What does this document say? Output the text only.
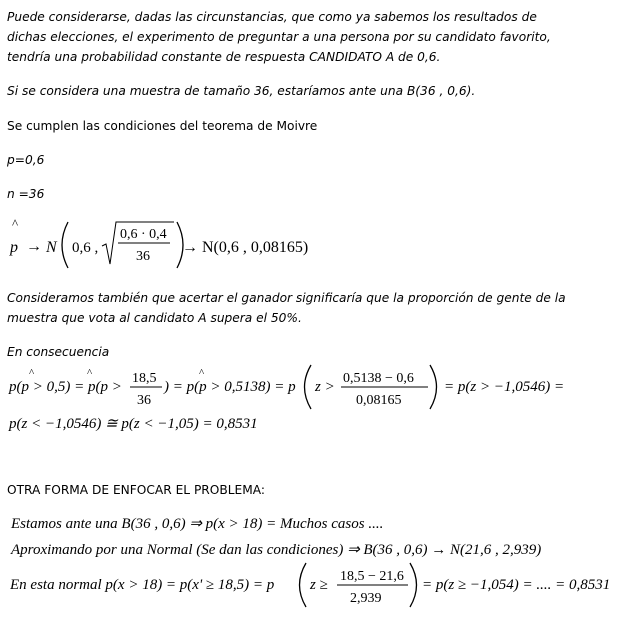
Puede considerarse, dadas las circunstancias, que como ya sabemos los resultados de
dichas elecciones, el experimento de preguntar a una persona por su candidato favorito,
tendría una probabilidad constante de respuesta CANDIDATO A de 0,6.
Si se considera una muestra de tamaño 36, estaríamos ante una B(36 , 0,6).
Se cumplen las condiciones del teorema de Moivre
p=0,6
n =36
^
p → N 0,6 ,
0,6 · 0,4
36
→ N(0,6 , 0,08165)
Consideramos también que acertar el ganador significaría que la proporción de gente de la
muestra que vota al candidato A supera el 50%.
En consecuencia
p(p > 0,5) = p(p >
^	^	18,5
36
) = p(p > 0,5138) = p
^
z >
0,5138 − 0,6
0,08165
= p(z > −1,0546) =
p(z < −1,0546) ≅ p(z < −1,05) = 0,8531
OTRA FORMA DE ENFOCAR EL PROBLEMA:
Estamos ante una B(36 , 0,6) ⇒ p(x > 18) = Muchos casos ....
Aproximando por una Normal (Se dan las condiciones) ⇒ B(36 , 0,6) → N(21,6 , 2,939)
En esta normal p(x > 18) = p(x' ≥ 18,5) = p z ≥
18,5 − 21,6
2,939
= p(z ≥ −1,054) = .... = 0,8531
